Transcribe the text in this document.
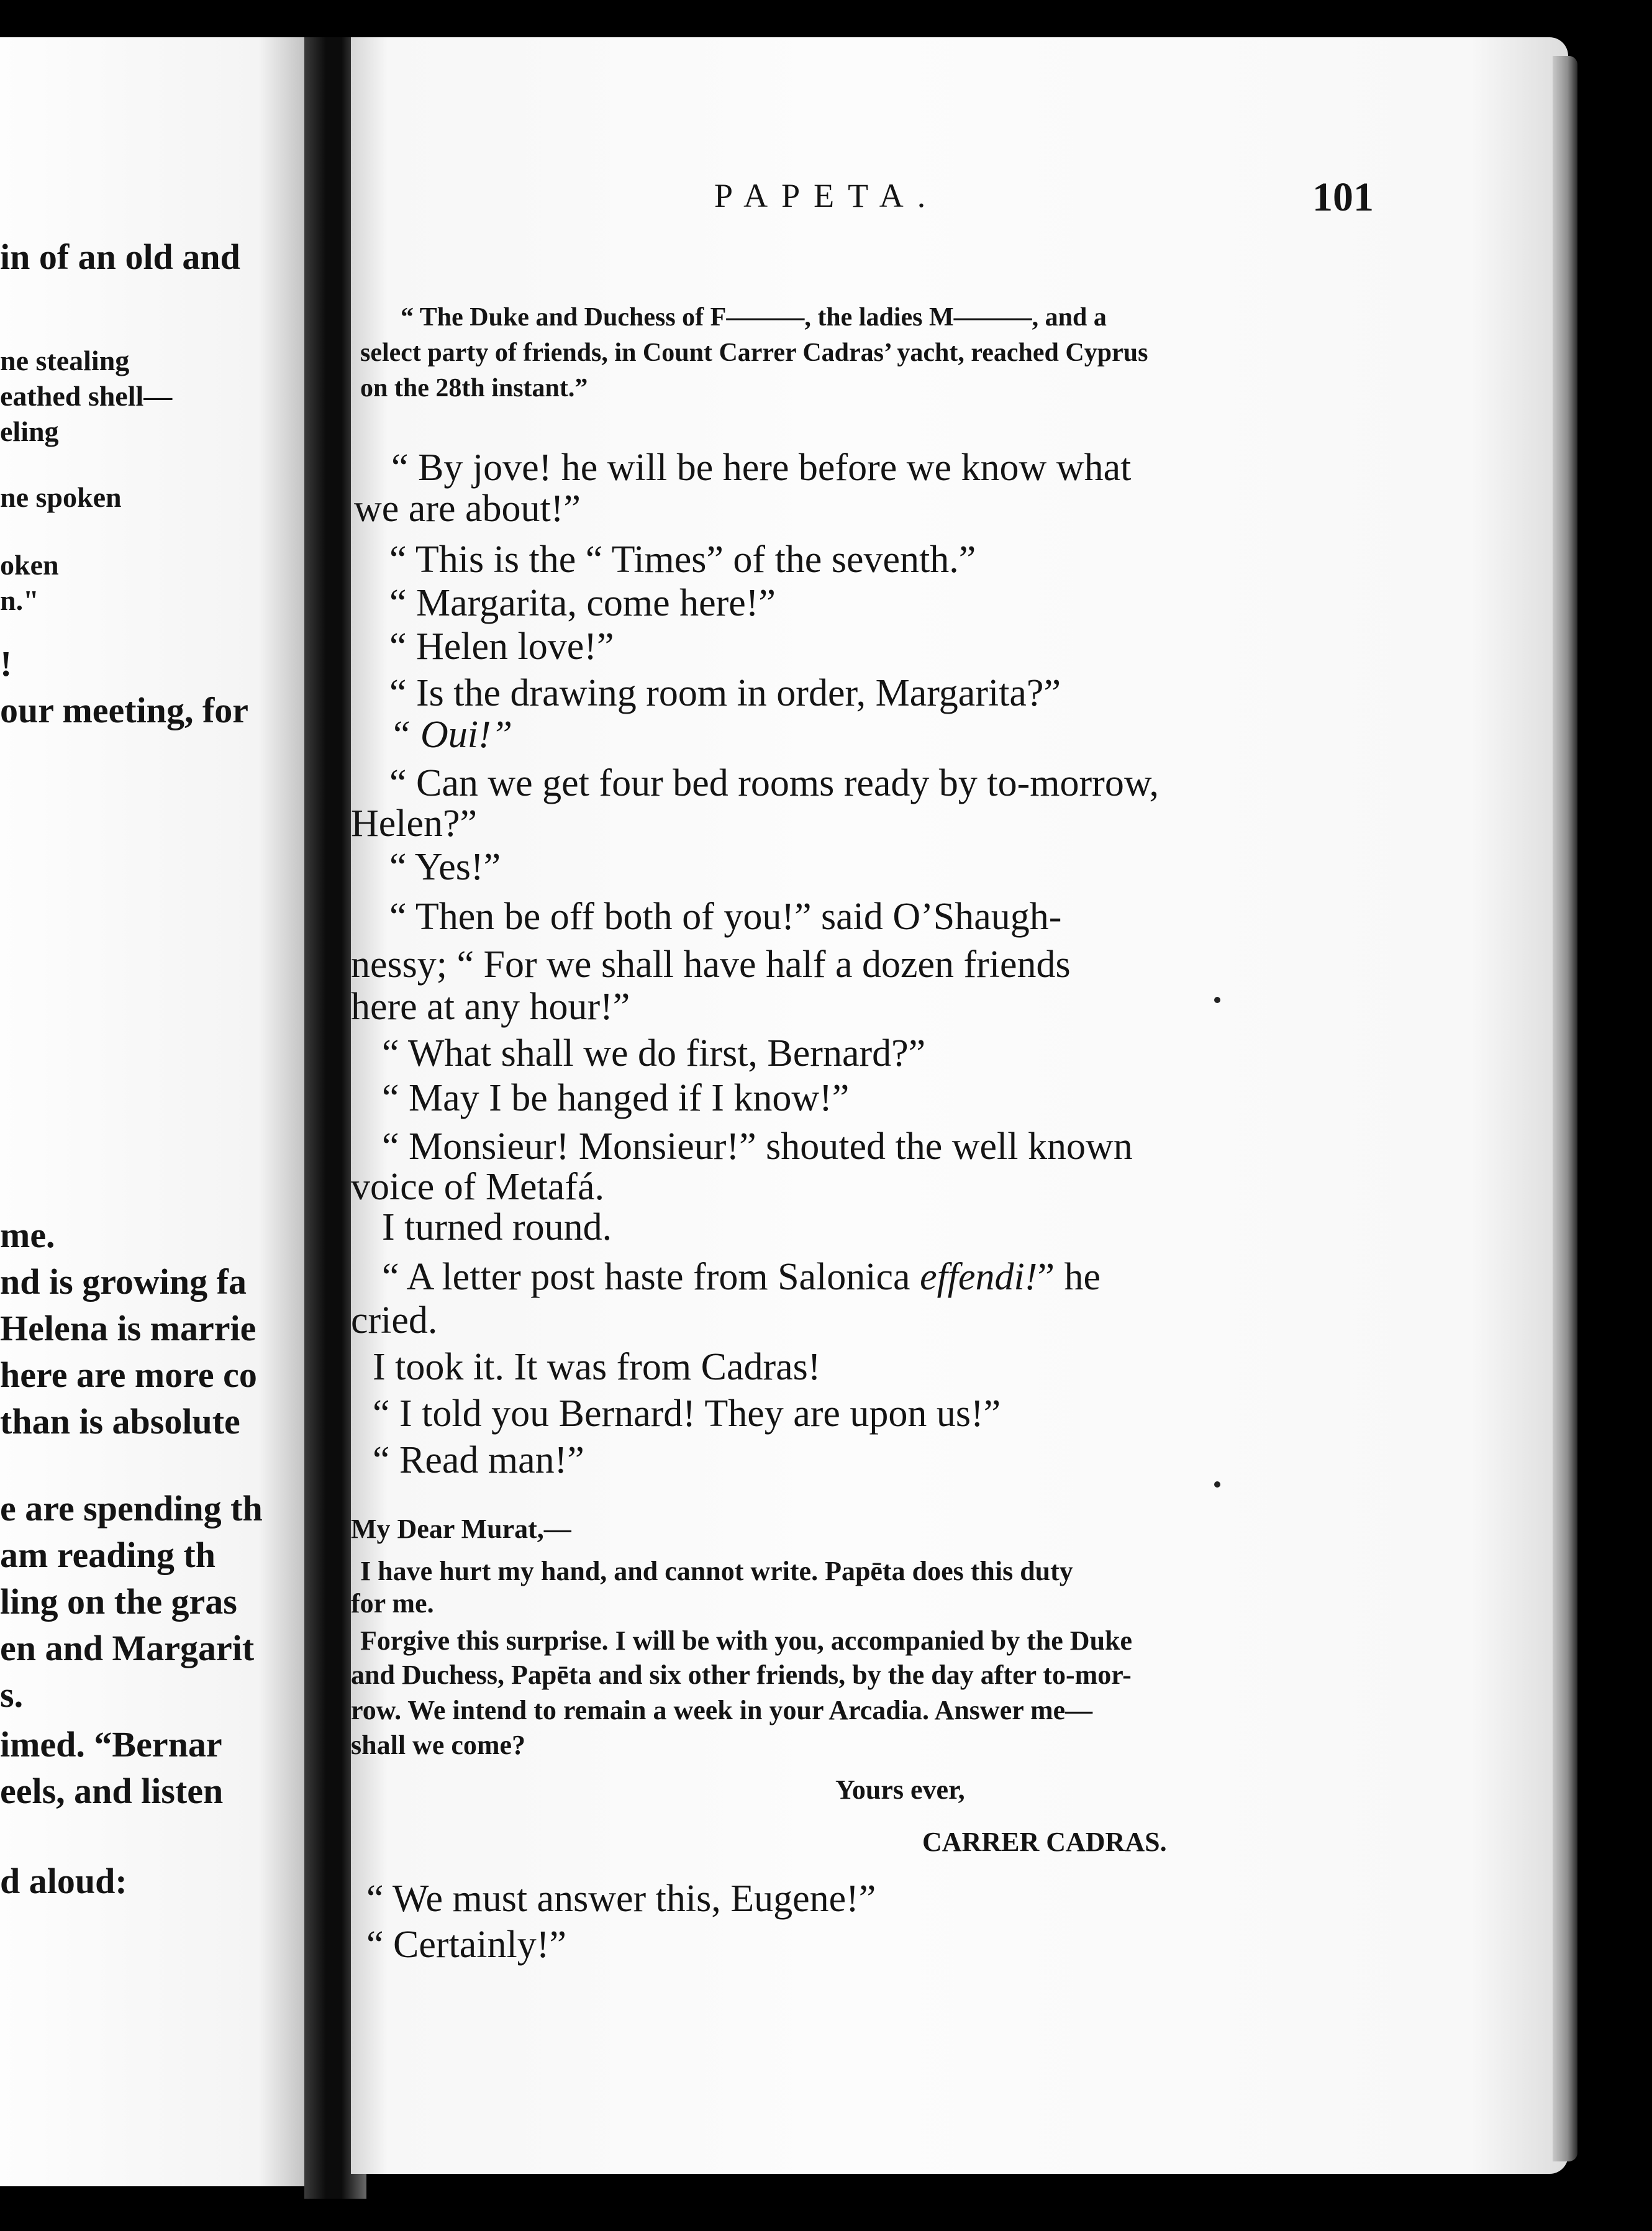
in of an old and
ne stealing
eathed shell—
eling
ne spoken
oken
n."
!
our meeting, for
me.
nd is growing fa
Helena is marrie
here are more co
than is absolute
e are spending th
am reading th
ling on the gras
en and Margarit
s.
imed. “Bernar
eels, and listen
d aloud:
PAPETA.	101
“ The Duke and Duchess of F———, the ladies M———, and a
select party of friends, in Count Carrer Cadras’ yacht, reached Cyprus
on the 28th instant.”
“ By jove! he will be here before we know what
we are about!”
“ This is the “ Times” of the seventh.”
“ Margarita, come here!”
“ Helen love!”
“ Is the drawing room in order, Margarita?”
“ Oui!”
“ Can we get four bed rooms ready by to-morrow,
Helen?”
“ Yes!”
“ Then be off both of you!” said O’Shaugh-
nessy; “ For we shall have half a dozen friends
here at any hour!”
“ What shall we do first, Bernard?”
“ May I be hanged if I know!”
“ Monsieur! Monsieur!” shouted the well known
voice of Metafá.
I turned round.
“ A letter post haste from Salonica effendi!” he
cried.
I took it. It was from Cadras!
“ I told you Bernard! They are upon us!”
“ Read man!”
My Dear Murat,—
I have hurt my hand, and cannot write. Papēta does this duty
for me.
Forgive this surprise. I will be with you, accompanied by the Duke
and Duchess, Papēta and six other friends, by the day after to-mor-
row. We intend to remain a week in your Arcadia. Answer me—
shall we come?
Yours ever,
CARRER CADRAS.
“ We must answer this, Eugene!”
“ Certainly!”
